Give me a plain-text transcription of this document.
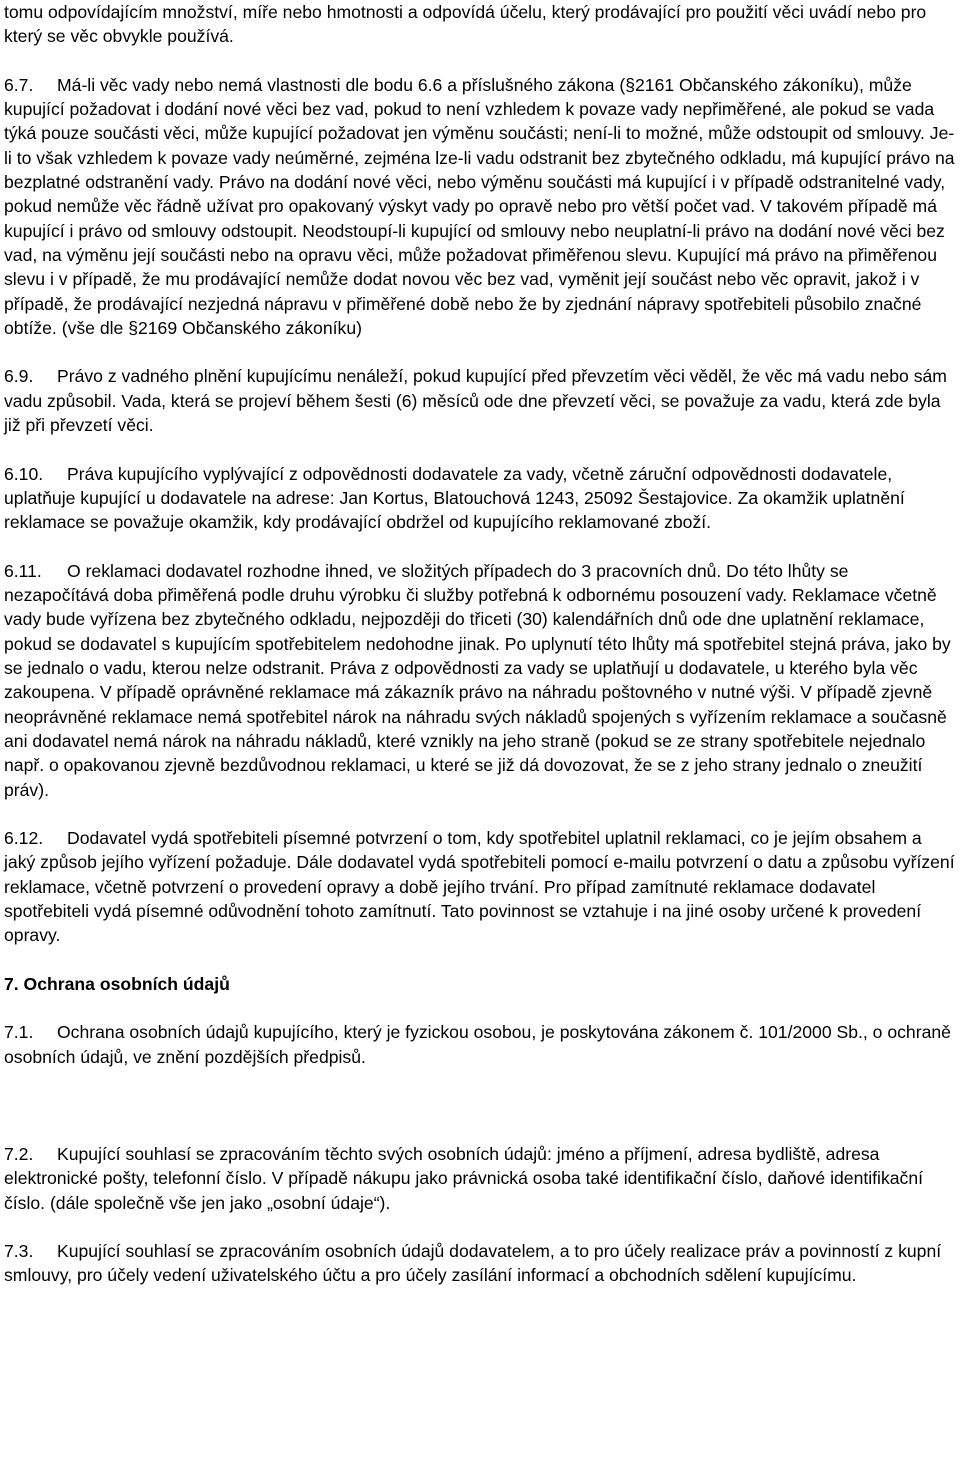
tomu odpovídajícím množství, míře nebo hmotnosti a odpovídá účelu, který prodávající pro použití věci uvádí nebo pro který se věc obvykle používá.

6.7. Má-li věc vady nebo nemá vlastnosti dle bodu 6.6 a příslušného zákona (§2161 Občanského zákoníku), může kupující požadovat i dodání nové věci bez vad, pokud to není vzhledem k povaze vady nepřiměřené, ale pokud se vada týká pouze součásti věci, může kupující požadovat jen výměnu součásti; není-li to možné, může odstoupit od smlouvy. Je-li to však vzhledem k povaze vady neúměrné, zejména lze-li vadu odstranit bez zbytečného odkladu, má kupující právo na bezplatné odstranění vady. Právo na dodání nové věci, nebo výměnu součásti má kupující i v případě odstranitelné vady, pokud nemůže věc řádně užívat pro opakovaný výskyt vady po opravě nebo pro větší počet vad. V takovém případě má kupující i právo od smlouvy odstoupit. Neodstoupí-li kupující od smlouvy nebo neuplatní-li právo na dodání nové věci bez vad, na výměnu její součásti nebo na opravu věci, může požadovat přiměřenou slevu. Kupující má právo na přiměřenou slevu i v případě, že mu prodávající nemůže dodat novou věc bez vad, vyměnit její součást nebo věc opravit, jakož i v případě, že prodávající nezjedná nápravu v přiměřené době nebo že by zjednání nápravy spotřebiteli působilo značné obtíže. (vše dle §2169 Občanského zákoníku)

6.9. Právo z vadného plnění kupujícímu nenáleží, pokud kupující před převzetím věci věděl, že věc má vadu nebo sám vadu způsobil. Vada, která se projeví během šesti (6) měsíců ode dne převzetí věci, se považuje za vadu, která zde byla již při převzetí věci.

6.10. Práva kupujícího vyplývající z odpovědnosti dodavatele za vady, včetně záruční odpovědnosti dodavatele, uplatňuje kupující u dodavatele na adrese: Jan Kortus, Blatouchová 1243, 25092 Šestajovice. Za okamžik uplatnění reklamace se považuje okamžik, kdy prodávající obdržel od kupujícího reklamované zboží.

6.11. O reklamaci dodavatel rozhodne ihned, ve složitých případech do 3 pracovních dnů. Do této lhůty se nezapočítává doba přiměřená podle druhu výrobku či služby potřebná k odbornému posouzení vady. Reklamace včetně vady bude vyřízena bez zbytečného odkladu, nejpozději do třiceti (30) kalendářních dnů ode dne uplatnění reklamace, pokud se dodavatel s kupujícím spotřebitelem nedohodne jinak. Po uplynutí této lhůty má spotřebitel stejná práva, jako by se jednalo o vadu, kterou nelze odstranit. Práva z odpovědnosti za vady se uplatňují u dodavatele, u kterého byla věc zakoupena. V případě oprávněné reklamace má zákazník právo na náhradu poštovného v nutné výši. V případě zjevně neoprávněné reklamace nemá spotřebitel nárok na náhradu svých nákladů spojených s vyřízením reklamace a současně ani dodavatel nemá nárok na náhradu nákladů, které vznikly na jeho straně (pokud se ze strany spotřebitele nejednalo např. o opakovanou zjevně bezdůvodnou reklamaci, u které se již dá dovozovat, že se z jeho strany jednalo o zneužití práv).

6.12. Dodavatel vydá spotřebiteli písemné potvrzení o tom, kdy spotřebitel uplatnil reklamaci, co je jejím obsahem a jaký způsob jejího vyřízení požaduje. Dále dodavatel vydá spotřebiteli pomocí e-mailu potvrzení o datu a způsobu vyřízení reklamace, včetně potvrzení o provedení opravy a době jejího trvání. Pro případ zamítnuté reklamace dodavatel spotřebiteli vydá písemné odůvodnění tohoto zamítnutí. Tato povinnost se vztahuje i na jiné osoby určené k provedení opravy.

7. Ochrana osobních údajů

7.1. Ochrana osobních údajů kupujícího, který je fyzickou osobou, je poskytována zákonem č. 101/2000 Sb., o ochraně osobních údajů, ve znění pozdějších předpisů.

7.2. Kupující souhlasí se zpracováním těchto svých osobních údajů: jméno a příjmení, adresa bydliště, adresa elektronické pošty, telefonní číslo. V případě nákupu jako právnická osoba také identifikační číslo, daňové identifikační číslo. (dále společně vše jen jako „osobní údaje“).

7.3. Kupující souhlasí se zpracováním osobních údajů dodavatelem, a to pro účely realizace práv a povinností z kupní smlouvy, pro účely vedení uživatelského účtu a pro účely zasílání informací a obchodních sdělení kupujícímu.
